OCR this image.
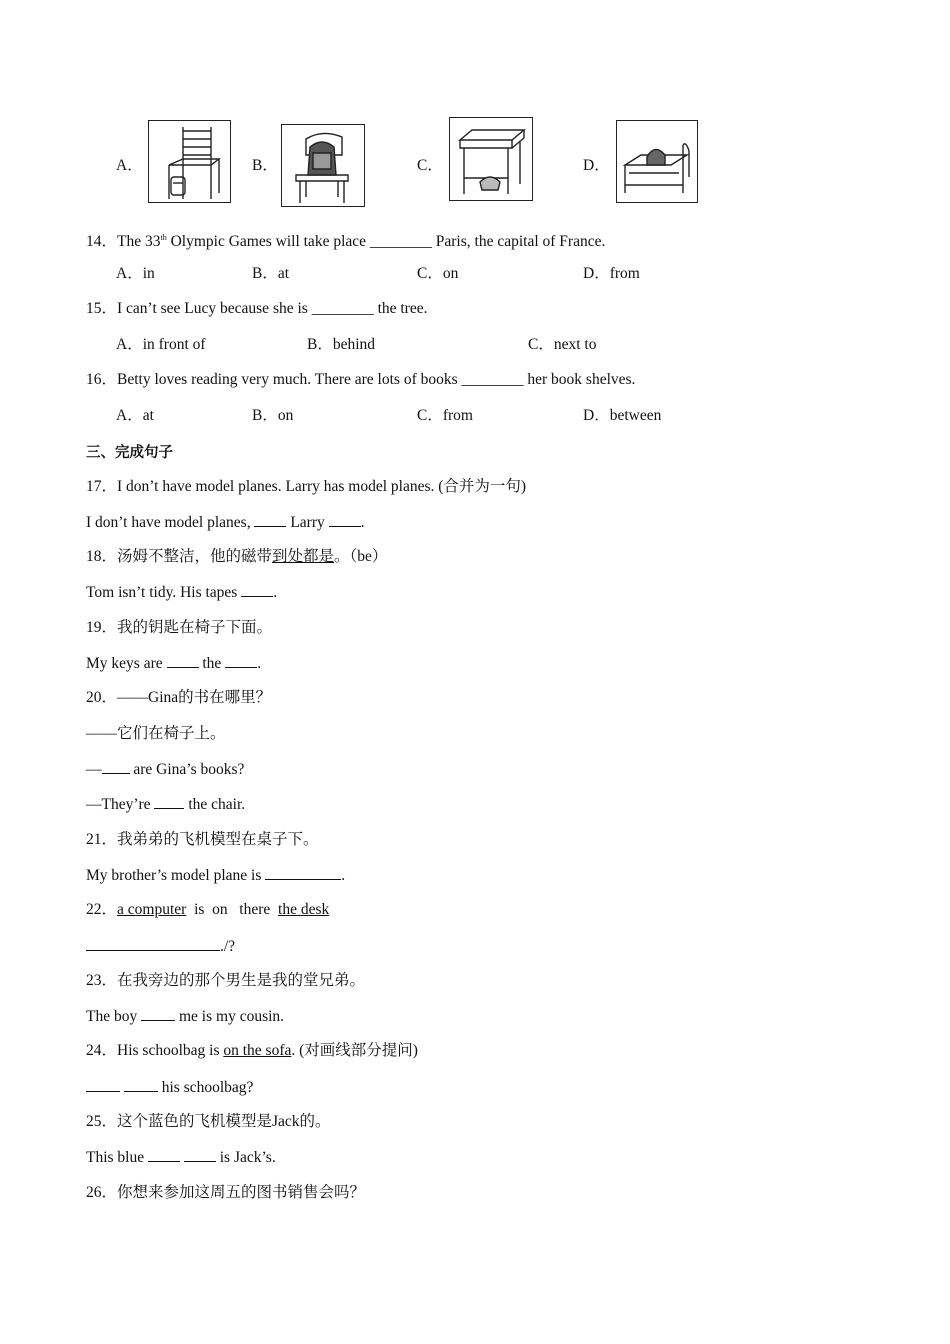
A．	B．	C．	D．
14．The 33th Olympic Games will take place ________ Paris, the capital of France.
A．in	B．at	C．on	D．from
15．I can’t see Lucy because she is ________ the tree.
A．in front of	B．behind	C．next to
16．Betty loves reading very much. There are lots of books ________ her book shelves.
A．at	B．on	C．from	D．between
三、完成句子
17．I don’t have model planes. Larry has model planes. (合并为一句)
I don’t have model planes,  Larry .
18．汤姆不整洁，他的磁带到处都是。（be）
Tom isn’t tidy. His tapes .
19．我的钥匙在椅子下面。
My keys are  the .
20．——Gina的书在哪里？
——它们在椅子上。
— are Gina’s books?
—They’re  the chair.
21．我弟弟的飞机模型在桌子下。
My brother’s model plane is	.
22．a computer is on there the desk
./?
23．在我旁边的那个男生是我的堂兄弟。
The boy  me is my cousin.
24．His schoolbag is on the sofa. (对画线部分提问)
his schoolbag?
25．这个蓝色的飞机模型是Jack的。
This blue	is Jack’s.
26．你想来参加这周五的图书销售会吗？
